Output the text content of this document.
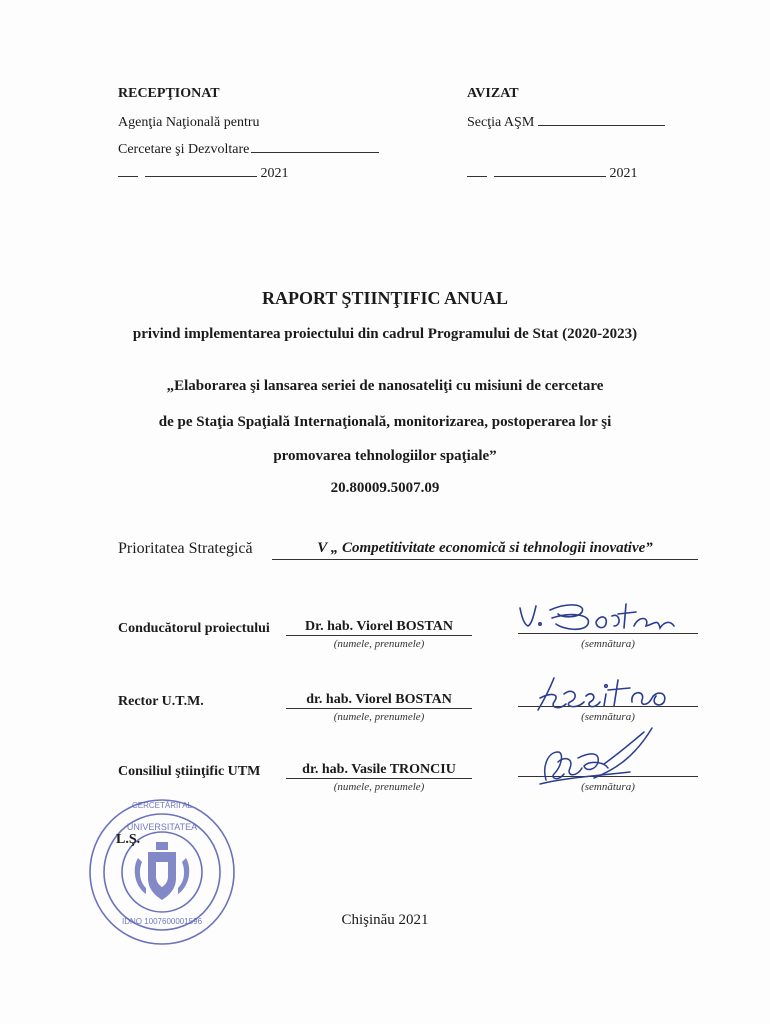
RECEPŢIONAT
Agenţia Naţională pentru
Cercetare şi Dezvoltare
2021
AVIZAT
Secţia AŞM
2021
RAPORT ŞTIINŢIFIC ANUAL
privind implementarea proiectului din cadrul Programului de Stat (2020-2023)
„Elaborarea şi lansarea seriei de nanosateliţi cu misiuni de cercetare
de pe Staţia Spaţială Internaţională, monitorizarea, postoperarea lor şi
promovarea tehnologiilor spaţiale”
20.80009.5007.09
Prioritatea Strategică	V „ Competitivitate economică si tehnologii inovative”
Conducătorul proiectului	Dr. hab. Viorel BOSTAN
(numele, prenumele)	(semnătura)
Rector U.T.M.	dr. hab. Viorel BOSTAN
(numele, prenumele)	(semnătura)
Consiliul ştiinţific UTM	dr. hab. Vasile TRONCIU
(numele, prenumele)	(semnătura)
UNIVERSITATEA
IDNO 1007600001596
CERCETĂRII AL
L.Ş.
Chişinău 2021
